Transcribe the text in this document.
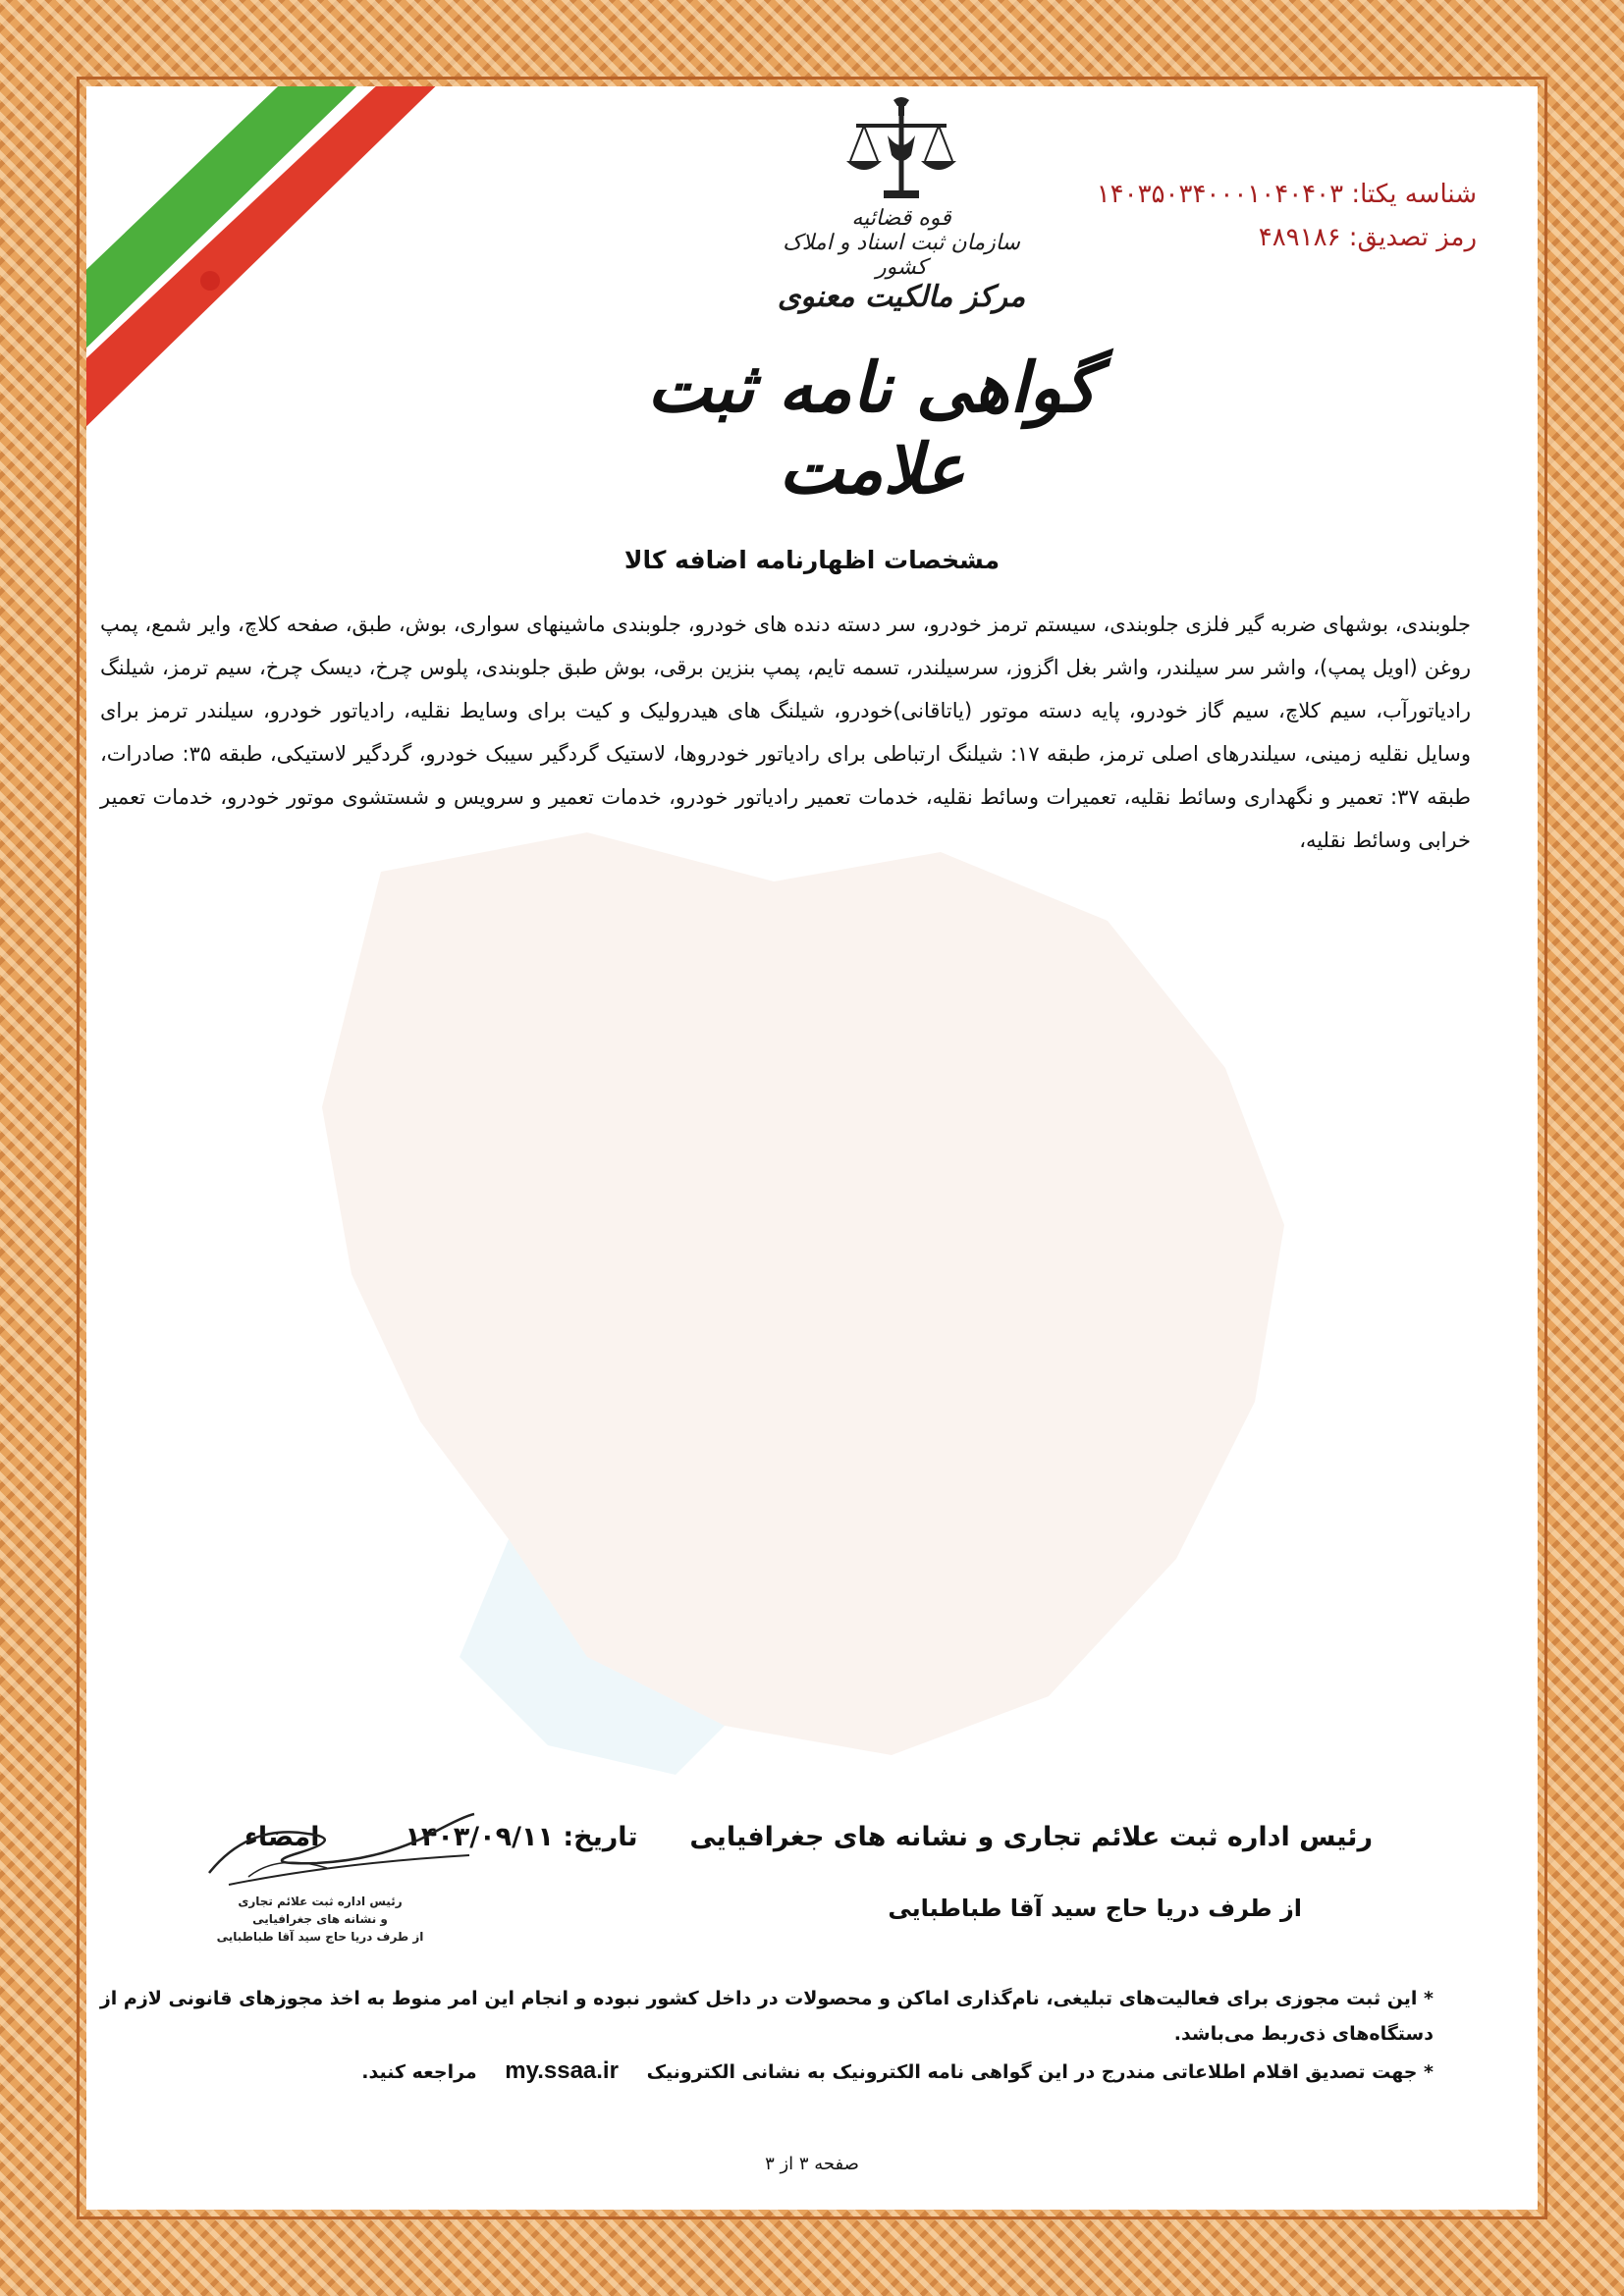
قوه قضائیه
سازمان ثبت اسناد و املاک کشور
مرکز مالکیت معنوی
گواهی نامه ثبت علامت
شناسه یکتا: ۱۴۰۳۵۰۳۴۰۰۰۱۰۴۰۴۰۳
رمز تصدیق: ۴۸۹۱۸۶
مشخصات اظهارنامه اضافه کالا
جلوبندی، بوشهای ضربه گیر فلزی جلوبندی، سیستم ترمز خودرو، سر دسته دنده های خودرو، جلوبندی ماشینهای سواری، بوش، طبق، صفحه کلاچ، وایر شمع، پمپ روغن (اویل پمپ)، واشر سر سیلندر، واشر بغل اگزوز، سرسیلندر، تسمه تایم، پمپ بنزین برقی، بوش طبق جلوبندی، پلوس چرخ، دیسک چرخ، سیم ترمز، شیلنگ رادیاتورآب، سیم کلاچ، سیم گاز خودرو، پایه دسته موتور (یاتاقانی)خودرو، شیلنگ های هیدرولیک و کیت برای وسایط نقلیه، رادیاتور خودرو، سیلندر ترمز برای وسایل نقلیه زمینی، سیلندرهای اصلی ترمز، طبقه ۱۷: شیلنگ ارتباطی برای رادیاتور خودروها، لاستیک گردگیر سیبک خودرو، گردگیر لاستیکی، طبقه ۳۵: صادرات، طبقه ۳۷: تعمیر و نگهداری وسائط نقلیه، تعمیرات وسائط نقلیه، خدمات تعمیر رادیاتور خودرو، خدمات تعمیر و سرویس و شستشوی موتور خودرو، خدمات تعمیر خرابی وسائط نقلیه،
رئیس اداره ثبت علائم تجاری و نشانه های جغرافیایی  تاریخ: ۱۴۰۳/۰۹/۱۱  امضاء
از طرف دریا حاج سید آقا طباطبایی
رئیس اداره ثبت علائم تجاری
و نشانه های جغرافیایی
از طرف دریا حاج سید آقا طباطبایی

* این ثبت مجوزی برای فعالیت‌های تبلیغی، نام‌گذاری اماکن و محصولات در داخل کشور نبوده و انجام این امر منوط به اخذ مجوزهای قانونی لازم از دستگاه‌های ذی‌ربط می‌باشد.

* جهت تصدیق اقلام اطلاعاتی مندرج در این گواهی نامه الکترونیک به نشانی الکترونیک my.ssaa.ir مراجعه کنید.

صفحه ۳ از ۳
